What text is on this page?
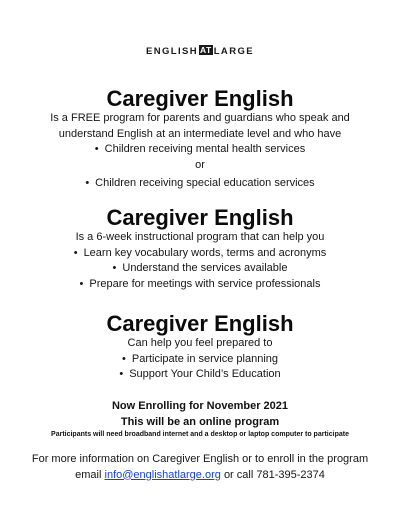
ENGLISH AT LARGE
Caregiver English
Is a FREE program for parents and guardians who speak and
understand English at an intermediate level and who have
• Children receiving mental health services
or
• Children receiving special education services
Caregiver English
Is a 6-week instructional program that can help you
• Learn key vocabulary words, terms and acronyms
• Understand the services available
• Prepare for meetings with service professionals
Caregiver English
Can help you feel prepared to
• Participate in service planning
• Support Your Child’s Education
Now Enrolling for November 2021
This will be an online program
Participants will need broadband internet and a desktop or laptop computer to participate
For more information on Caregiver English or to enroll in the program
email info@englishatlarge.org or call 781-395-2374
